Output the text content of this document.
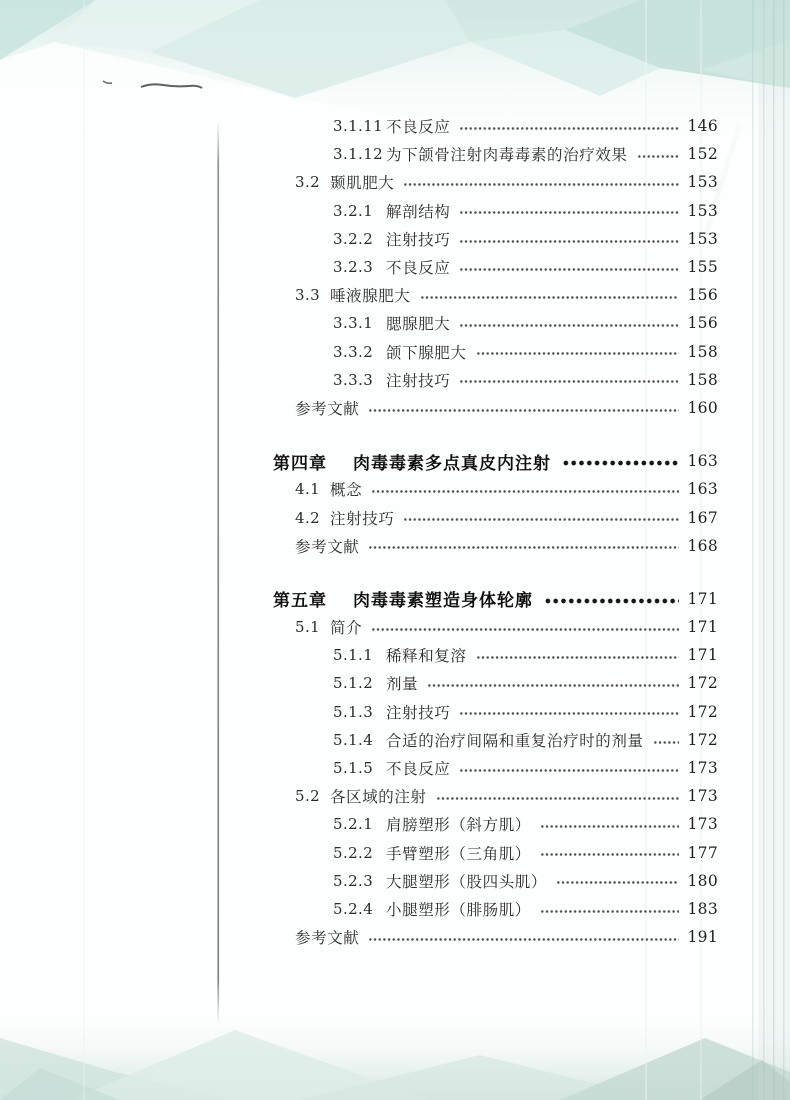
3.1.11 不良反应	146
3.1.12 为下颌骨注射肉毒毒素的治疗效果	152
3.2 颞肌肥大	153
3.2.1 解剖结构	153
3.2.2 注射技巧	153
3.2.3 不良反应	155
3.3 唾液腺肥大	156
3.3.1 腮腺肥大	156
3.3.2 颌下腺肥大	158
3.3.3 注射技巧	158
参考文献	160
第四章 肉毒毒素多点真皮内注射	163
4.1 概念	163
4.2 注射技巧	167
参考文献	168
第五章 肉毒毒素塑造身体轮廓	171
5.1 简介	171
5.1.1 稀释和复溶	171
5.1.2 剂量	172
5.1.3 注射技巧	172
5.1.4 合适的治疗间隔和重复治疗时的剂量	172
5.1.5 不良反应	173
5.2 各区域的注射	173
5.2.1 肩膀塑形（斜方肌）	173
5.2.2 手臂塑形（三角肌）	177
5.2.3 大腿塑形（股四头肌）	180
5.2.4 小腿塑形（腓肠肌）	183
参考文献	191
